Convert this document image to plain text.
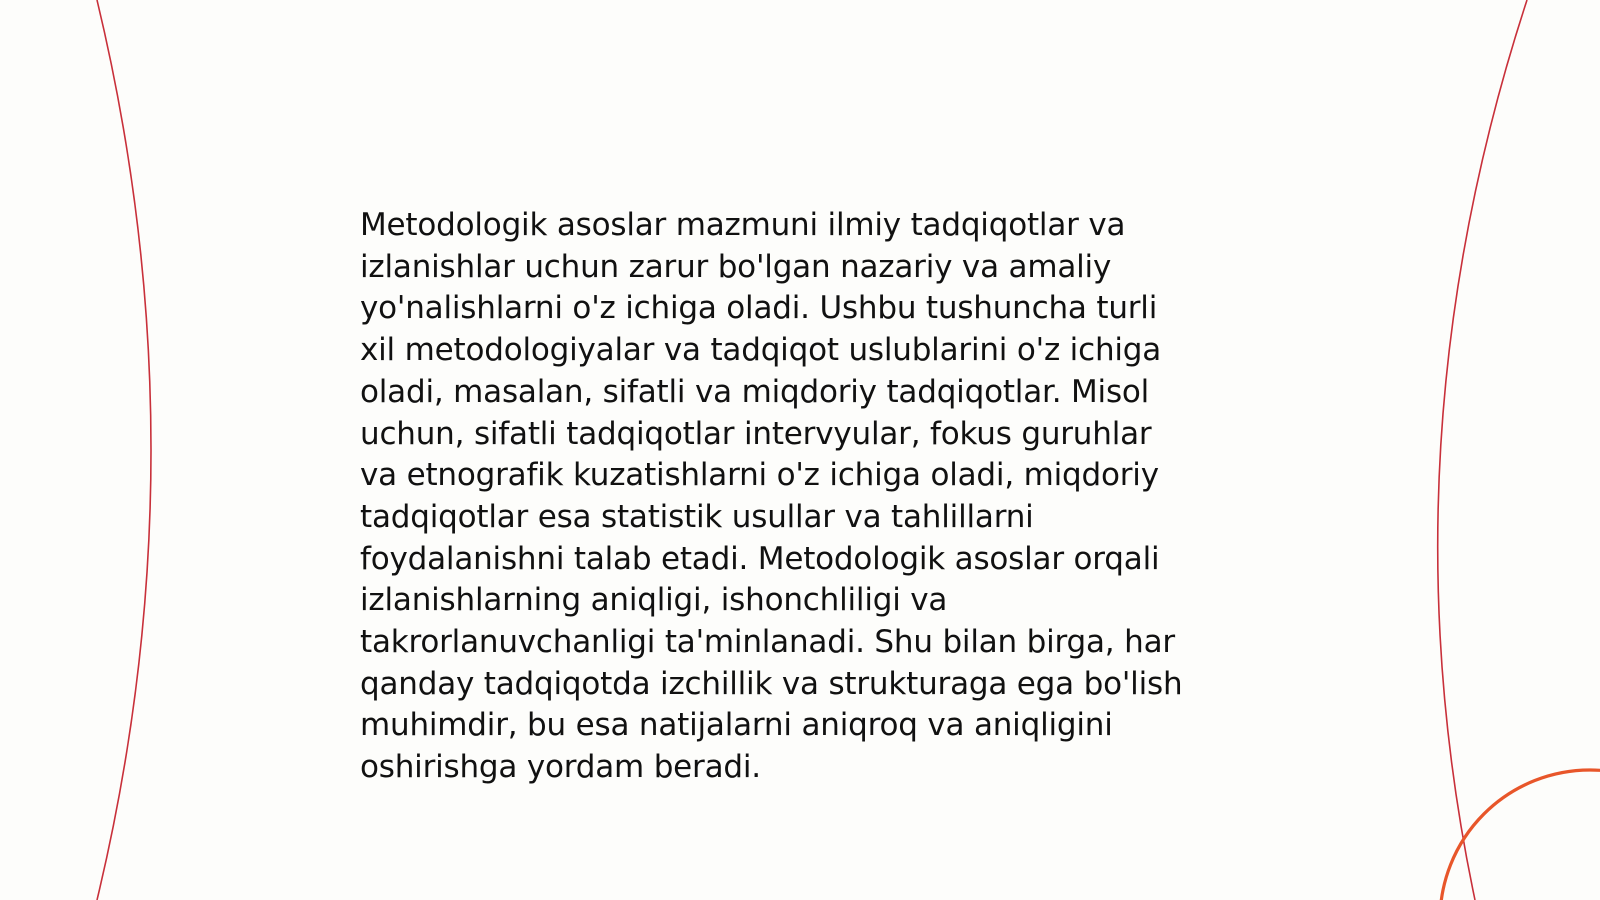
Metodologik asoslar mazmuni ilmiy tadqiqotlar va
izlanishlar uchun zarur bo'lgan nazariy va amaliy
yo'nalishlarni o'z ichiga oladi. Ushbu tushuncha turli
xil metodologiyalar va tadqiqot uslublarini o'z ichiga
oladi, masalan, sifatli va miqdoriy tadqiqotlar. Misol
uchun, sifatli tadqiqotlar intervyular, fokus guruhlar
va etnografik kuzatishlarni o'z ichiga oladi, miqdoriy
tadqiqotlar esa statistik usullar va tahlillarni
foydalanishni talab etadi. Metodologik asoslar orqali
izlanishlarning aniqligi, ishonchliligi va
takrorlanuvchanligi ta'minlanadi. Shu bilan birga, har
qanday tadqiqotda izchillik va strukturaga ega bo'lish
muhimdir, bu esa natijalarni aniqroq va aniqligini
oshirishga yordam beradi.
